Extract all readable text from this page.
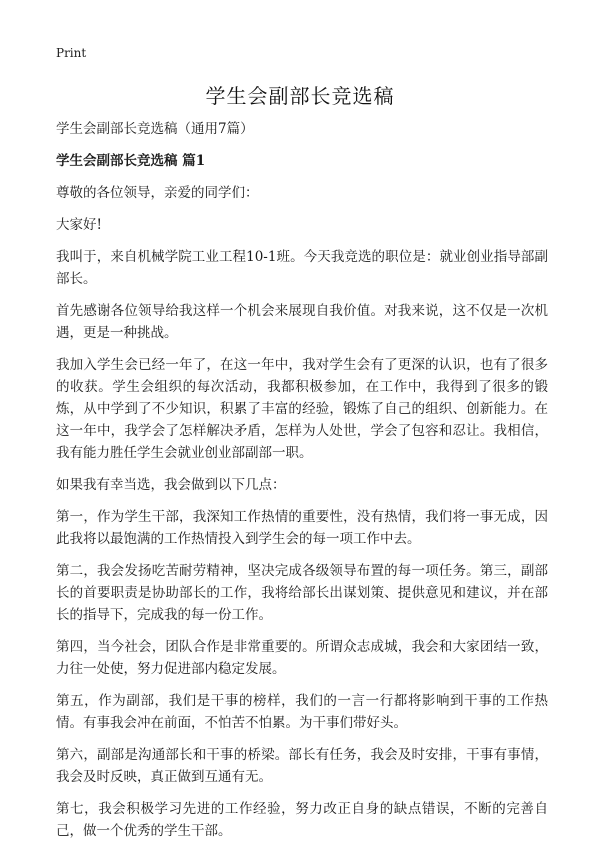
Print
学生会副部长竞选稿

学生会副部长竞选稿（通用7篇）

学生会副部长竞选稿 篇1

尊敬的各位领导，亲爱的同学们：

大家好!

我叫于，来自机械学院工业工程10-1班。今天我竞选的职位是：就业创业指导部副部长。

首先感谢各位领导给我这样一个机会来展现自我价值。对我来说，这不仅是一次机遇，更是一种挑战。

我加入学生会已经一年了，在这一年中，我对学生会有了更深的认识，也有了很多的收获。学生会组织的每次活动，我都积极参加，在工作中，我得到了很多的锻炼，从中学到了不少知识，积累了丰富的经验，锻炼了自己的组织、创新能力。在这一年中，我学会了怎样解决矛盾，怎样为人处世，学会了包容和忍让。我相信，我有能力胜任学生会就业创业部副部一职。

如果我有幸当选，我会做到以下几点：

第一，作为学生干部，我深知工作热情的重要性，没有热情，我们将一事无成，因此我将以最饱满的工作热情投入到学生会的每一项工作中去。

第二，我会发扬吃苦耐劳精神，坚决完成各级领导布置的每一项任务。第三，副部长的首要职责是协助部长的工作，我将给部长出谋划策、提供意见和建议，并在部长的指导下，完成我的每一份工作。

第四，当今社会，团队合作是非常重要的。所谓众志成城，我会和大家团结一致，力往一处使，努力促进部内稳定发展。

第五，作为副部，我们是干事的榜样，我们的一言一行都将影响到干事的工作热情。有事我会冲在前面，不怕苦不怕累。为干事们带好头。

第六，副部是沟通部长和干事的桥梁。部长有任务，我会及时安排，干事有事情，我会及时反映，真正做到互通有无。

第七，我会积极学习先进的工作经验，努力改正自身的缺点错误，不断的完善自己，做一个优秀的学生干部。
